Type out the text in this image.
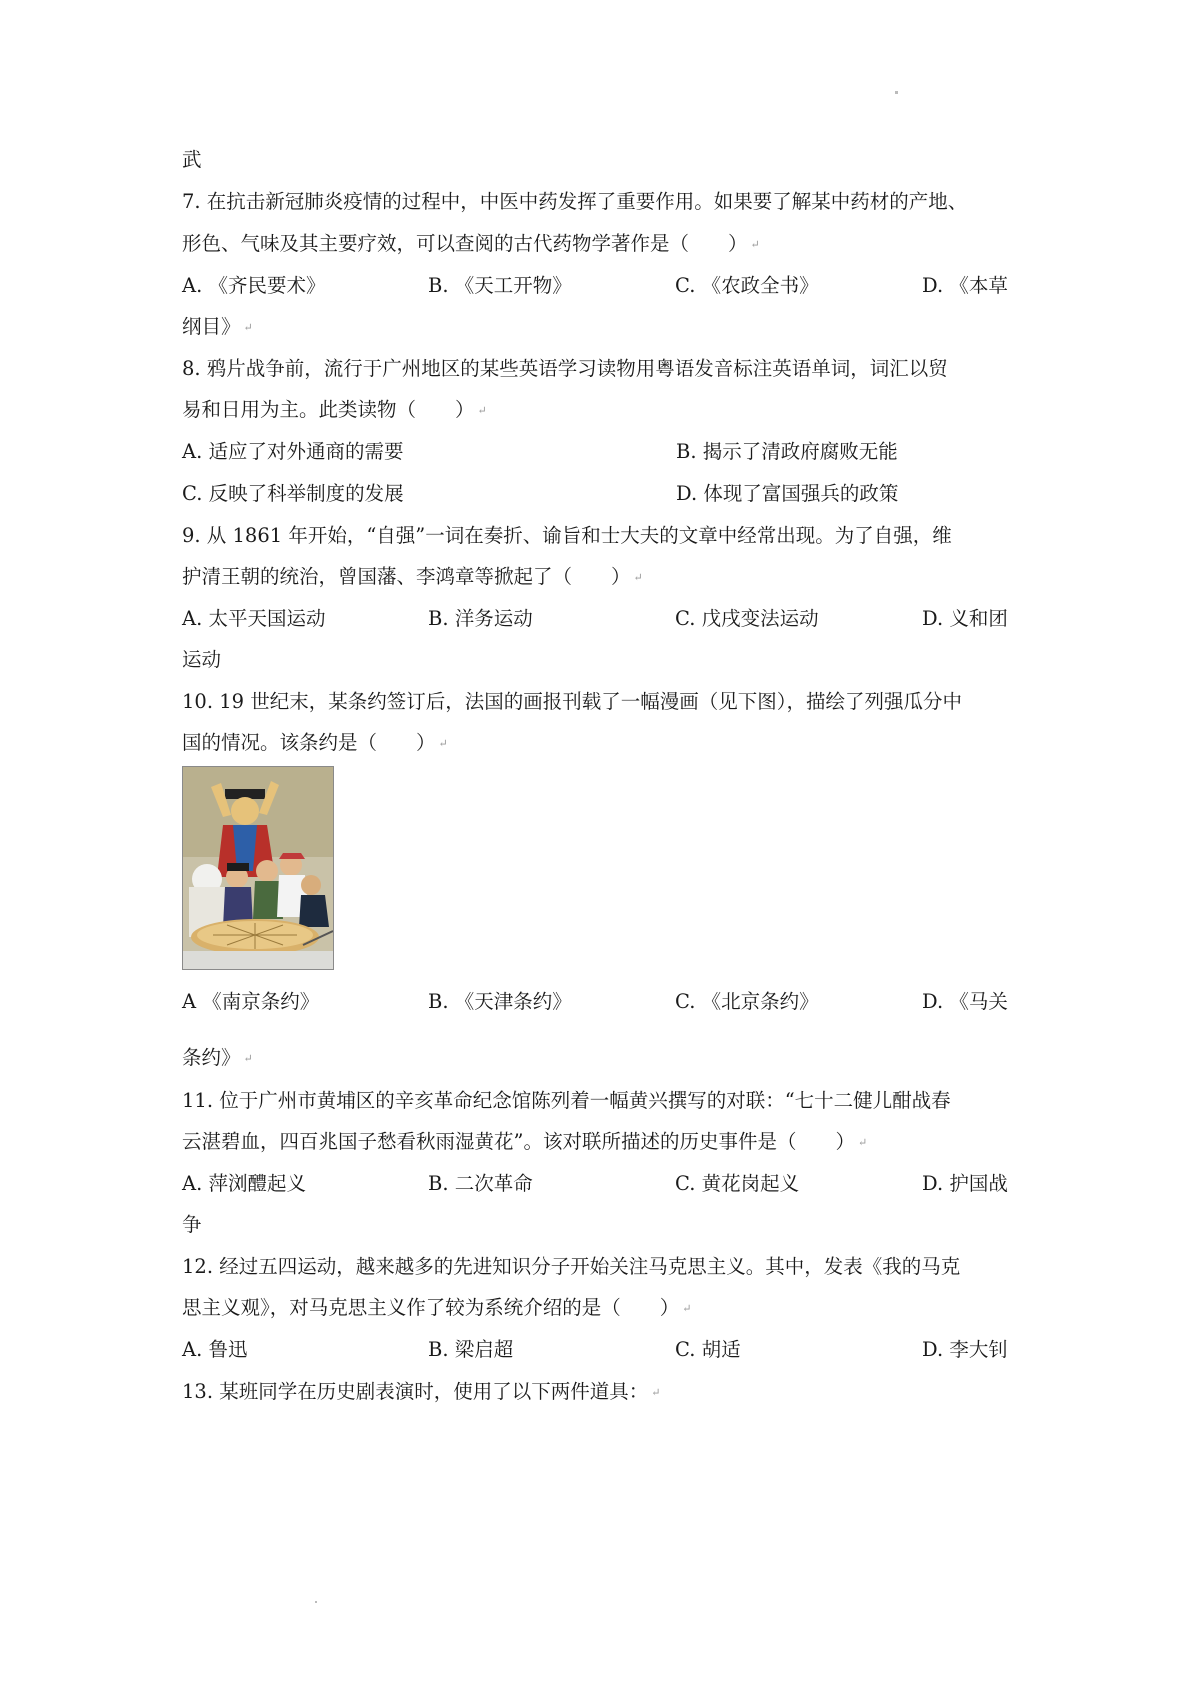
武
7. 在抗击新冠肺炎疫情的过程中，中医中药发挥了重要作用。如果要了解某中药材的产地、
形色、气味及其主要疗效，可以查阅的古代药物学著作是（　　） ↵
A. 《齐民要术》	B. 《天工开物》	C. 《农政全书》	D. 《本草
纲目》 ↵
8. 鸦片战争前，流行于广州地区的某些英语学习读物用粤语发音标注英语单词，词汇以贸
易和日用为主。此类读物（　　） ↵
A. 适应了对外通商的需要	B. 揭示了清政府腐败无能
C. 反映了科举制度的发展	D. 体现了富国强兵的政策
9. 从 1861 年开始，“自强”一词在奏折、谕旨和士大夫的文章中经常出现。为了自强，维
护清王朝的统治，曾国藩、李鸿章等掀起了（　　） ↵
A. 太平天国运动	B. 洋务运动	C. 戊戌变法运动	D. 义和团
运动
10. 19 世纪末，某条约签订后，法国的画报刊载了一幅漫画（见下图），描绘了列强瓜分中
国的情况。该条约是（　　） ↵
A 《南京条约》	B. 《天津条约》	C. 《北京条约》	D. 《马关
条约》 ↵
11. 位于广州市黄埔区的辛亥革命纪念馆陈列着一幅黄兴撰写的对联：“七十二健儿酣战春
云湛碧血，四百兆国子愁看秋雨湿黄花”。该对联所描述的历史事件是（　　） ↵
A. 萍浏醴起义	B. 二次革命	C. 黄花岗起义	D. 护国战
争
12. 经过五四运动，越来越多的先进知识分子开始关注马克思主义。其中，发表《我的马克
思主义观》，对马克思主义作了较为系统介绍的是（　　） ↵
A. 鲁迅	B. 梁启超	C. 胡适	D. 李大钊
13. 某班同学在历史剧表演时，使用了以下两件道具： ↵
